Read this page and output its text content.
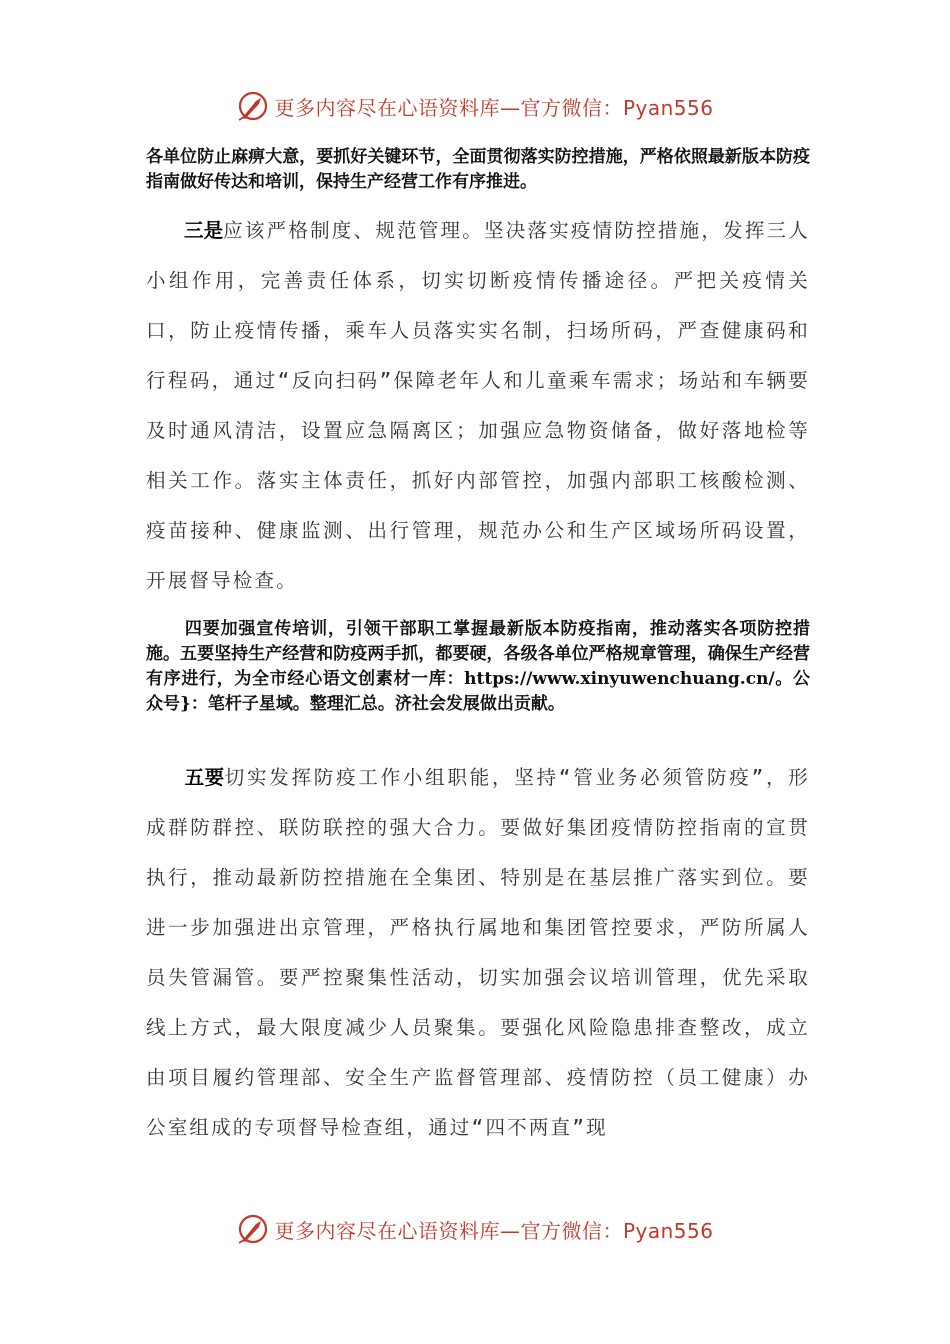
更多内容尽在心语资料库—官方微信：Pyan556

各单位防止麻痹大意，要抓好关键环节，全面贯彻落实防控措施，严格依照最新版本防疫指南做好传达和培训，保持生产经营工作有序推进。

三是应该严格制度、规范管理。坚决落实疫情防控措施，发挥三人小组作用，完善责任体系，切实切断疫情传播途径。严把关疫情关口，防止疫情传播，乘车人员落实实名制，扫场所码，严查健康码和行程码，通过“反向扫码”保障老年人和儿童乘车需求；场站和车辆要及时通风清洁，设置应急隔离区；加强应急物资储备，做好落地检等相关工作。落实主体责任，抓好内部管控，加强内部职工核酸检测、疫苗接种、健康监测、出行管理，规范办公和生产区域场所码设置，开展督导检查。

四要加强宣传培训，引领干部职工掌握最新版本防疫指南，推动落实各项防控措施。五要坚持生产经营和防疫两手抓，都要硬，各级各单位严格规章管理，确保生产经营有序进行，为全市经心语文创素材一库：https://www.xinyuwenchuang.cn/。公众号}：笔杆子星域。整理汇总。济社会发展做出贡献。

五要切实发挥防疫工作小组职能，坚持“管业务必须管防疫”，形成群防群控、联防联控的强大合力。要做好集团疫情防控指南的宣贯执行，推动最新防控措施在全集团、特别是在基层推广落实到位。要进一步加强进出京管理，严格执行属地和集团管控要求，严防所属人员失管漏管。要严控聚集性活动，切实加强会议培训管理，优先采取线上方式，最大限度减少人员聚集。要强化风险隐患排查整改，成立由项目履约管理部、安全生产监督管理部、疫情防控（员工健康）办公室组成的专项督导检查组，通过“四不两直”现

更多内容尽在心语资料库—官方微信：Pyan556
